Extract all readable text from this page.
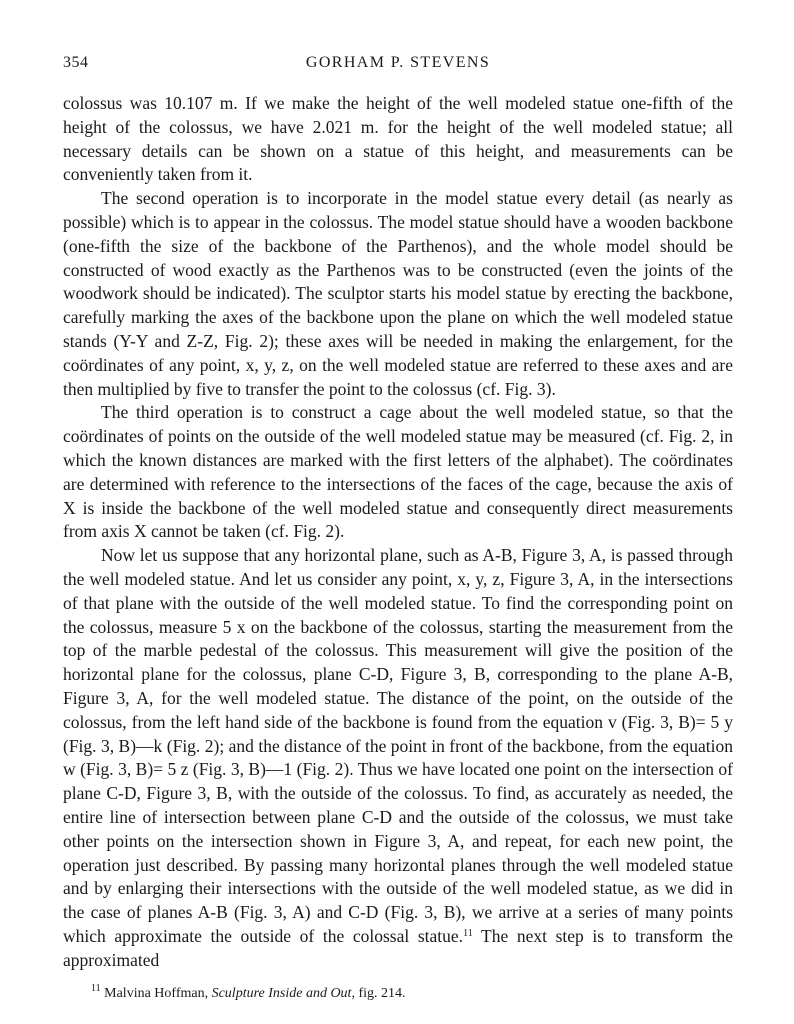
354	GORHAM P. STEVENS

colossus was 10.107 m. If we make the height of the well modeled statue one-fifth of the height of the colossus, we have 2.021 m. for the height of the well modeled statue; all necessary details can be shown on a statue of this height, and measurements can be conveniently taken from it.

The second operation is to incorporate in the model statue every detail (as nearly as possible) which is to appear in the colossus. The model statue should have a wooden backbone (one-fifth the size of the backbone of the Parthenos), and the whole model should be constructed of wood exactly as the Parthenos was to be constructed (even the joints of the woodwork should be indicated). The sculptor starts his model statue by erecting the backbone, carefully marking the axes of the backbone upon the plane on which the well modeled statue stands (Y-Y and Z-Z, Fig. 2); these axes will be needed in making the enlargement, for the coördinates of any point, x, y, z, on the well modeled statue are referred to these axes and are then multiplied by five to transfer the point to the colossus (cf. Fig. 3).

The third operation is to construct a cage about the well modeled statue, so that the coördinates of points on the outside of the well modeled statue may be measured (cf. Fig. 2, in which the known distances are marked with the first letters of the alphabet). The coördinates are determined with reference to the intersections of the faces of the cage, because the axis of X is inside the backbone of the well modeled statue and consequently direct measurements from axis X cannot be taken (cf. Fig. 2).

Now let us suppose that any horizontal plane, such as A-B, Figure 3, A, is passed through the well modeled statue. And let us consider any point, x, y, z, Figure 3, A, in the intersections of that plane with the outside of the well modeled statue. To find the corresponding point on the colossus, measure 5 x on the backbone of the colossus, starting the measurement from the top of the marble pedestal of the colossus. This measurement will give the position of the horizontal plane for the colossus, plane C-D, Figure 3, B, corresponding to the plane A-B, Figure 3, A, for the well modeled statue. The distance of the point, on the outside of the colossus, from the left hand side of the backbone is found from the equation v (Fig. 3, B)= 5 y (Fig. 3, B)—k (Fig. 2); and the distance of the point in front of the backbone, from the equation w (Fig. 3, B)= 5 z (Fig. 3, B)—1 (Fig. 2). Thus we have located one point on the intersection of plane C-D, Figure 3, B, with the outside of the colossus. To find, as accurately as needed, the entire line of intersection between plane C-D and the outside of the colossus, we must take other points on the intersection shown in Figure 3, A, and repeat, for each new point, the operation just described. By passing many horizontal planes through the well modeled statue and by enlarging their intersections with the outside of the well modeled statue, as we did in the case of planes A-B (Fig. 3, A) and C-D (Fig. 3, B), we arrive at a series of many points which approximate the outside of the colossal statue.$^{11}$ The next step is to transform the approximated

$^{11}$ Malvina Hoffman, Sculpture Inside and Out, fig. 214.
